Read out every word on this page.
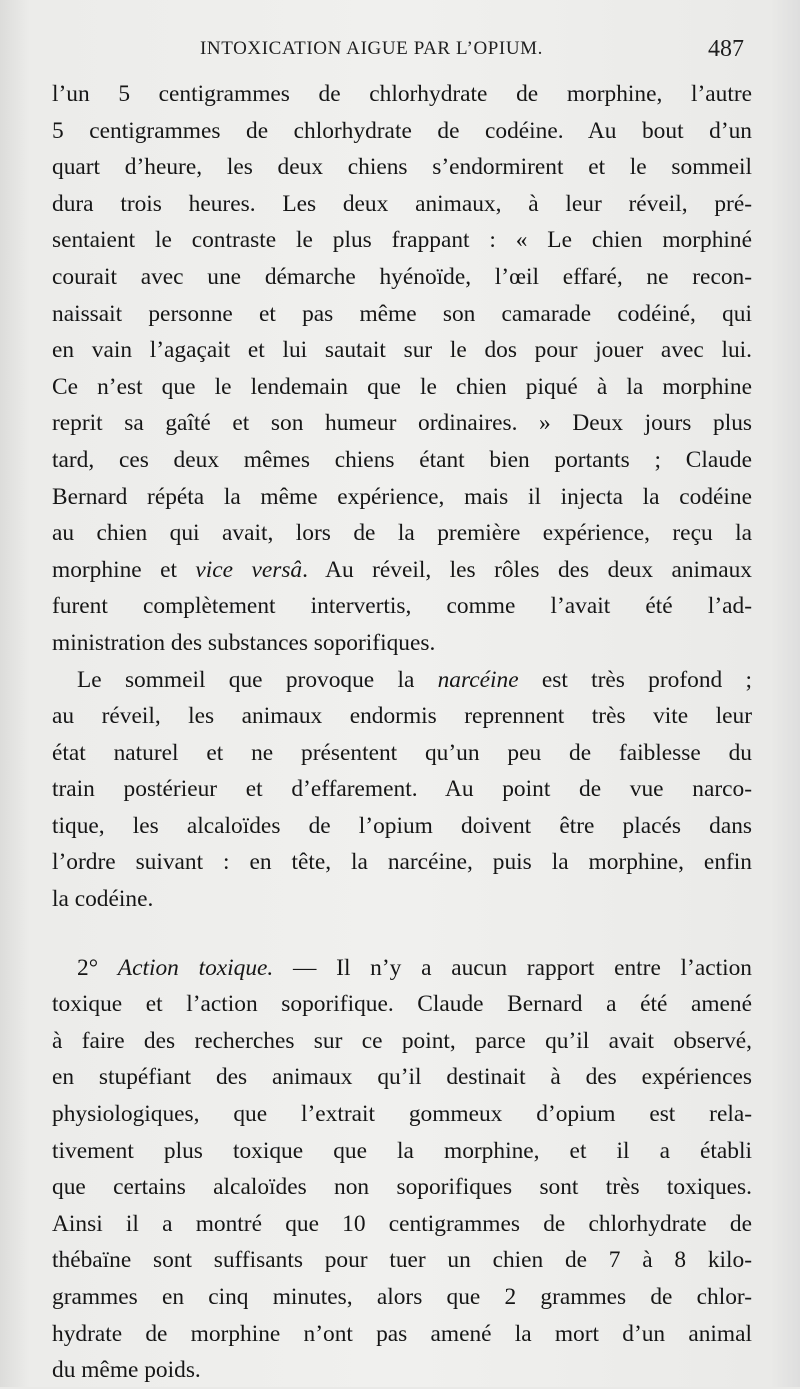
INTOXICATION AIGUE PAR L’OPIUM.	487
l’un 5 centigrammes de chlorhydrate de morphine, l’autre
5 centigrammes de chlorhydrate de codéine. Au bout d’un
quart d’heure, les deux chiens s’endormirent et le sommeil
dura trois heures. Les deux animaux, à leur réveil, pré-
sentaient le contraste le plus frappant : « Le chien morphiné
courait avec une démarche hyénoïde, l’œil effaré, ne recon-
naissait personne et pas même son camarade codéiné, qui
en vain l’agaçait et lui sautait sur le dos pour jouer avec lui.
Ce n’est que le lendemain que le chien piqué à la morphine
reprit sa gaîté et son humeur ordinaires. » Deux jours plus
tard, ces deux mêmes chiens étant bien portants ; Claude
Bernard répéta la même expérience, mais il injecta la codéine
au chien qui avait, lors de la première expérience, reçu la
morphine et vice versâ. Au réveil, les rôles des deux animaux
furent complètement intervertis, comme l’avait été l’ad-
ministration des substances soporifiques.
Le sommeil que provoque la narcéine est très profond ;
au réveil, les animaux endormis reprennent très vite leur
état naturel et ne présentent qu’un peu de faiblesse du
train postérieur et d’effarement. Au point de vue narco-
tique, les alcaloïdes de l’opium doivent être placés dans
l’ordre suivant : en tête, la narcéine, puis la morphine, enfin
la codéine.
2° Action toxique. — Il n’y a aucun rapport entre l’action
toxique et l’action soporifique. Claude Bernard a été amené
à faire des recherches sur ce point, parce qu’il avait observé,
en stupéfiant des animaux qu’il destinait à des expériences
physiologiques, que l’extrait gommeux d’opium est rela-
tivement plus toxique que la morphine, et il a établi
que certains alcaloïdes non soporifiques sont très toxiques.
Ainsi il a montré que 10 centigrammes de chlorhydrate de
thébaïne sont suffisants pour tuer un chien de 7 à 8 kilo-
grammes en cinq minutes, alors que 2 grammes de chlor-
hydrate de morphine n’ont pas amené la mort d’un animal
du même poids.
